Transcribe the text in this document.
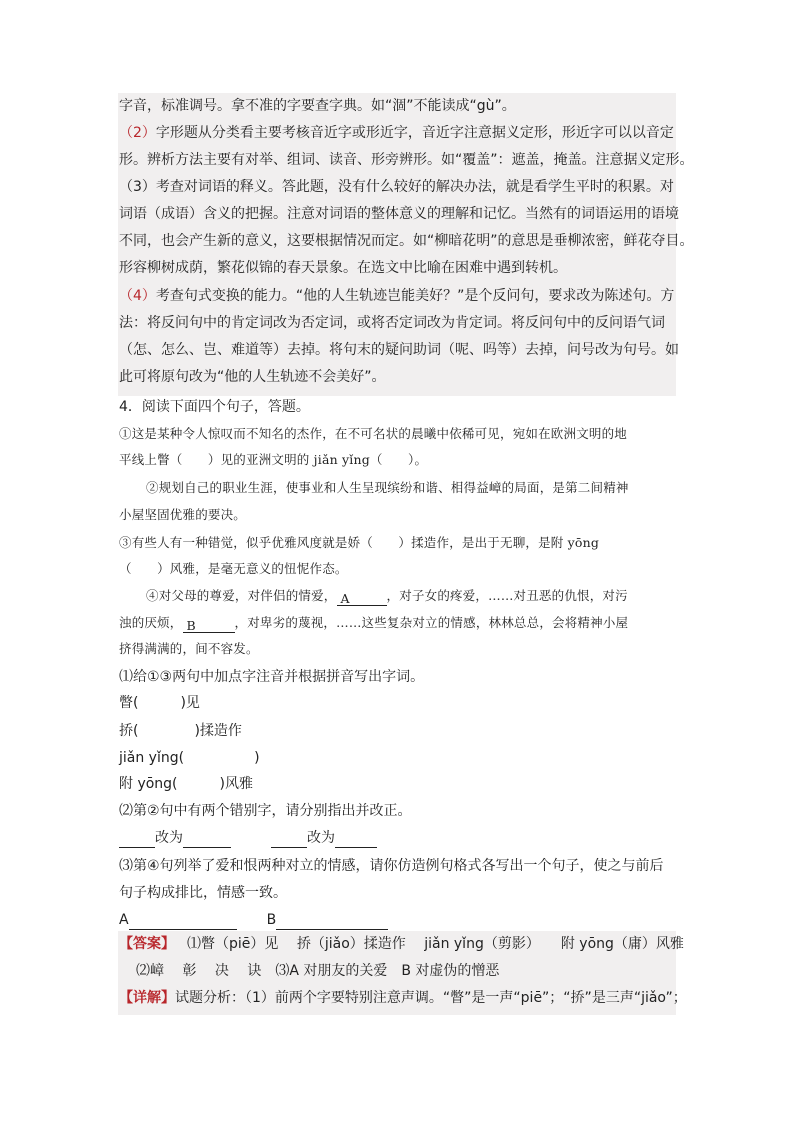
字音，标准调号。拿不准的字要查字典。如“涸”不能读成“gù”。
（2）字形题从分类看主要考核音近字或形近字，音近字注意据义定形，形近字可以以音定
形。辨析方法主要有对举、组词、读音、形旁辨形。如“覆盖”：遮盖，掩盖。注意据义定形。
（3）考查对词语的释义。答此题，没有什么较好的解决办法，就是看学生平时的积累。对
词语（成语）含义的把握。注意对词语的整体意义的理解和记忆。当然有的词语运用的语境
不同，也会产生新的意义，这要根据情况而定。如“柳暗花明”的意思是垂柳浓密，鲜花夺目。
形容柳树成荫，繁花似锦的春天景象。在选文中比喻在困难中遇到转机。
（4）考查句式变换的能力。“他的人生轨迹岂能美好？”是个反问句，要求改为陈述句。方
法：将反问句中的肯定词改为否定词，或将否定词改为肯定词。将反问句中的反问语气词
（怎、怎么、岂、难道等）去掉。将句末的疑问助词（呢、吗等）去掉，问号改为句号。如
此可将原句改为“他的人生轨迹不会美好”。
4．阅读下面四个句子，答题。
①这是某种令人惊叹而不知名的杰作，在不可名状的晨曦中依稀可见，宛如在欧洲文明的地
平线上瞥（　　）见的亚洲文明的 jiǎn yǐng（　　）。
②规划自己的职业生涯，使事业和人生呈现缤纷和谐、相得益嶂的局面，是第二间精神
小屋坚固优雅的要决。
③有些人有一种错觉，似乎优雅风度就是娇（　　）揉造作，是出于无聊，是附 yōng
（　　）风雅，是毫无意义的忸怩作态。
④对父母的尊爱，对伴侣的情爱， A	，对子女的疼爱，……对丑恶的仇恨，对污
浊的厌烦， B	，对卑劣的蔑视，……这些复杂对立的情感，林林总总，会将精神小屋
挤得满满的，间不容发。
⑴给①③两句中加点字注音并根据拼音写出字词。
瞥(　　　)见
挢(　　　　)揉造作
jiǎn yǐng(　　　　　)
附 yōng(　　　)风雅
⑵第②句中有两个错别字，请分别指出并改正。
改为	改为
⑶第④句列举了爱和恨两种对立的情感，请你仿造例句格式各写出一个句子，使之与前后
句子构成排比，情感一致。
A	B
【答案】 ⑴瞥（piē）见　 挢（jiǎo）揉造作　 jiǎn yǐng（剪影）　　附 yōng（庸）风雅
⑵嶂　 彰　 决　 诀　⑶A 对朋友的关爱　B 对虚伪的憎恶
【详解】试题分析：（1）前两个字要特别注意声调。“瞥”是一声“piē”；“挢”是三声“jiǎo”；
